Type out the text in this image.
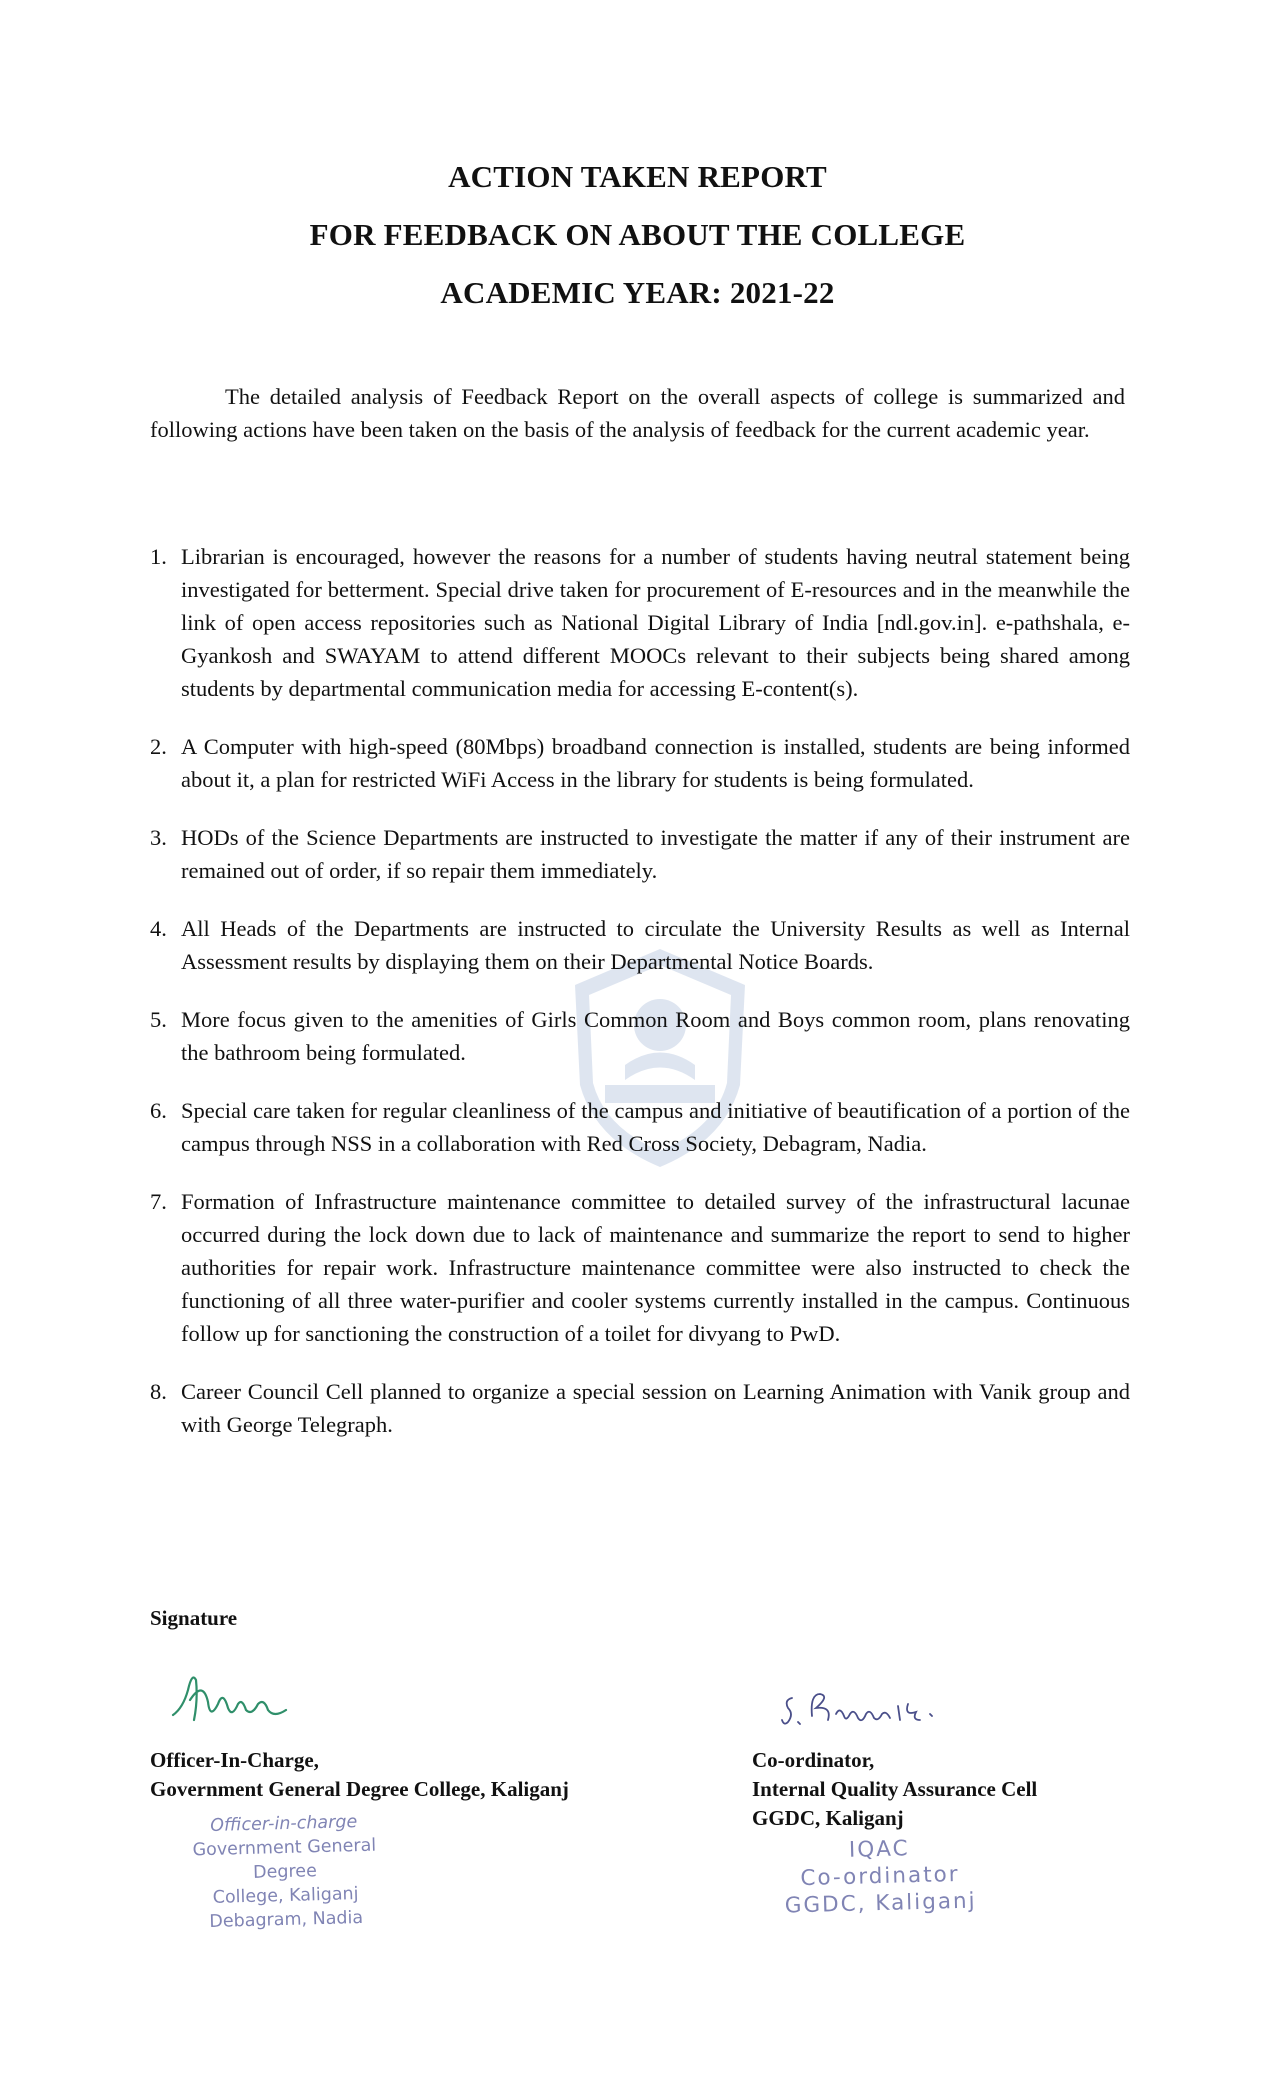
ACTION TAKEN REPORT
FOR FEEDBACK ON ABOUT THE COLLEGE
ACADEMIC YEAR: 2021-22

The detailed analysis of Feedback Report on the overall aspects of college is summarized and following actions have been taken on the basis of the analysis of feedback for the current academic year.

1. Librarian is encouraged, however the reasons for a number of students having neutral statement being investigated for betterment. Special drive taken for procurement of E-resources and in the meanwhile the link of open access repositories such as National Digital Library of India [ndl.gov.in]. e-pathshala, e-Gyankosh and SWAYAM to attend different MOOCs relevant to their subjects being shared among students by departmental communication media for accessing E-content(s).
2. A Computer with high-speed (80Mbps) broadband connection is installed, students are being informed about it, a plan for restricted WiFi Access in the library for students is being formulated.
3. HODs of the Science Departments are instructed to investigate the matter if any of their instrument are remained out of order, if so repair them immediately.
4. All Heads of the Departments are instructed to circulate the University Results as well as Internal Assessment results by displaying them on their Departmental Notice Boards.
5. More focus given to the amenities of Girls Common Room and Boys common room, plans renovating the bathroom being formulated.
6. Special care taken for regular cleanliness of the campus and initiative of beautification of a portion of the campus through NSS in a collaboration with Red Cross Society, Debagram, Nadia.
7. Formation of Infrastructure maintenance committee to detailed survey of the infrastructural lacunae occurred during the lock down due to lack of maintenance and summarize the report to send to higher authorities for repair work. Infrastructure maintenance committee were also instructed to check the functioning of all three water-purifier and cooler systems currently installed in the campus. Continuous follow up for sanctioning the construction of a toilet for divyang to PwD.
8. Career Council Cell planned to organize a special session on Learning Animation with Vanik group and with George Telegraph.
Signature
Officer-In-Charge,
Government General Degree College, Kaliganj
Co-ordinator,
Internal Quality Assurance Cell
GGDC, Kaliganj
Officer-in-charge
Government General Degree
College, Kaliganj
Debagram, Nadia
IQAC
Co-ordinator
GGDC, Kaliganj
